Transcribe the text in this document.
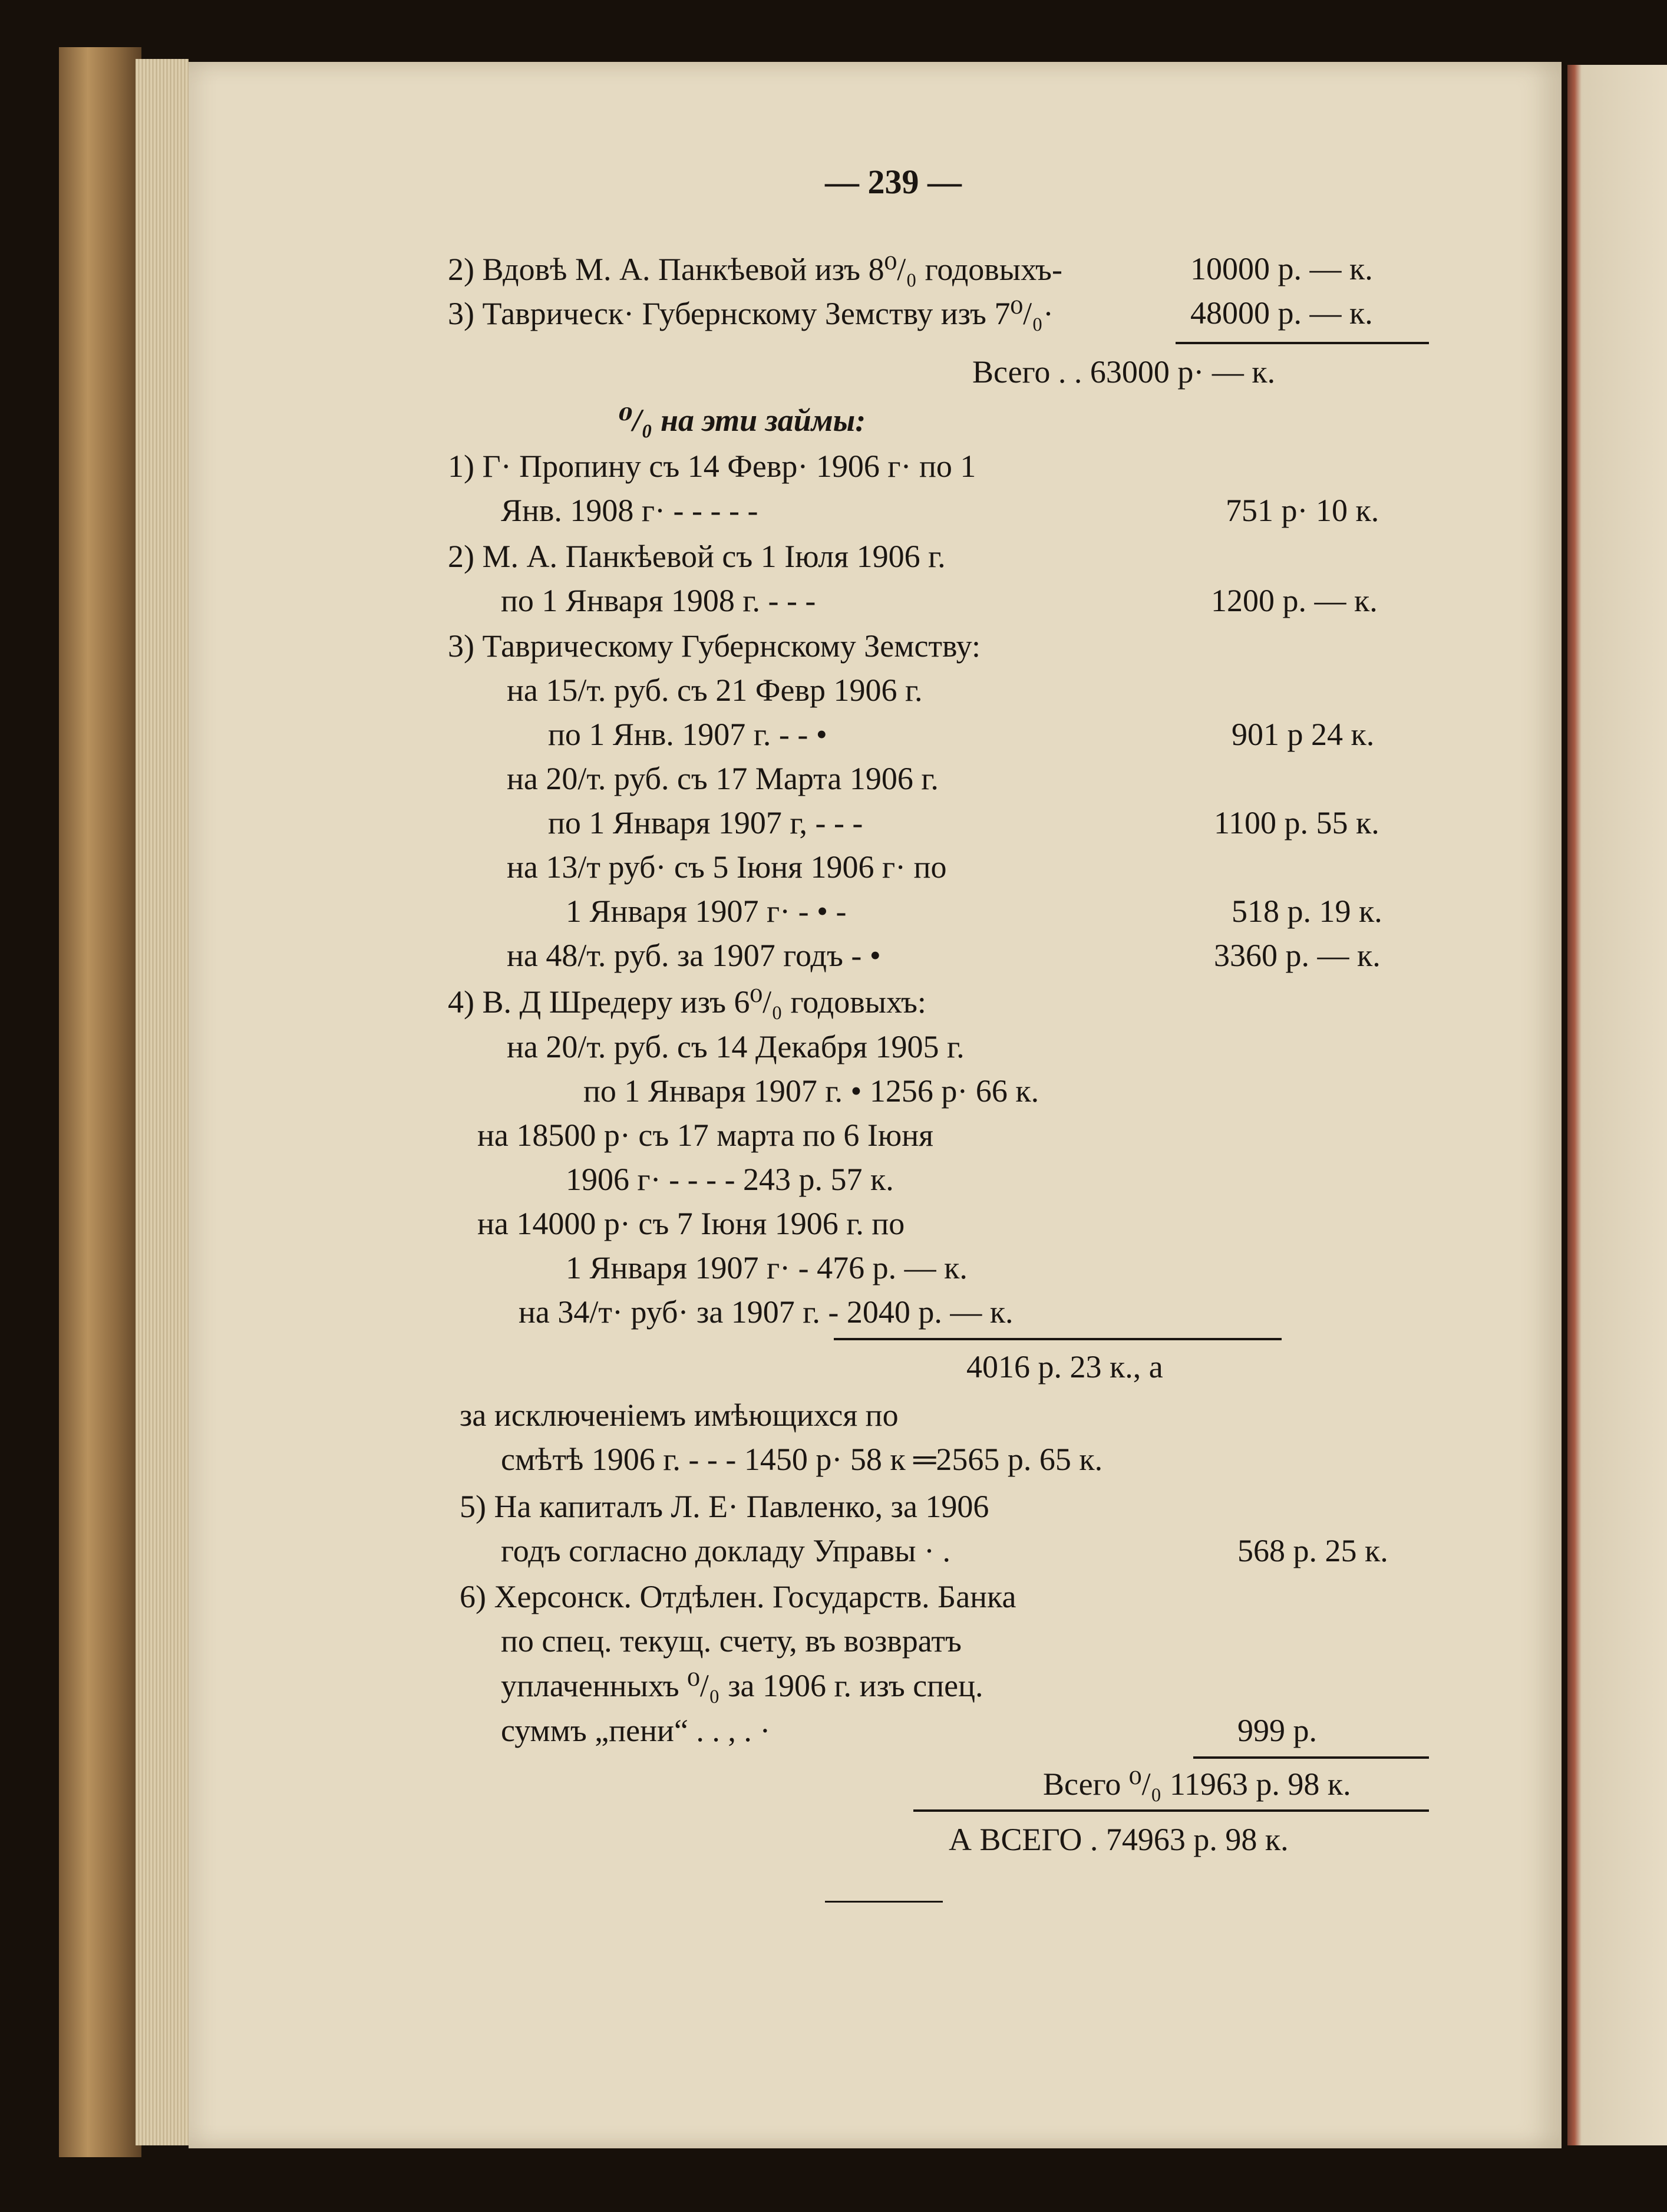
— 239 —
2) Вдовѣ М. А. Панкѣевой изъ 8⁰/₀ годовыхъ-	10000 р. — к.
3) Таврическ· Губернскому Земству изъ 7⁰/₀·	48000 р. — к.
Всего . . 63000 р· — к.
⁰/₀ на эти займы:
1) Г· Пропину съ 14 Февр· 1906 г· по 1
Янв. 1908 г· - - - - -	751 р· 10 к.
2) М. А. Панкѣевой съ 1 Іюля 1906 г.
по 1 Января 1908 г. - - -	1200 р. — к.
3) Таврическому Губернскому Земству:
на 15/т. руб. съ 21 Февр 1906 г.
по 1 Янв. 1907 г. - - •	901 р 24 к.
на 20/т. руб. съ 17 Марта 1906 г.
по 1 Января 1907 г, - - -	1100 р. 55 к.
на 13/т руб· съ 5 Іюня 1906 г· по
1 Января 1907 г· - • -	518 р. 19 к.
на 48/т. руб. за 1907 годъ - •	3360 р. — к.
4) В. Д Шредеру изъ 6⁰/₀ годовыхъ:
на 20/т. руб. съ 14 Декабря 1905 г.
по 1 Января 1907 г. • 1256 р· 66 к.
на 18500 р· съ 17 марта по 6 Іюня
1906 г· - - - - 243 р. 57 к.
на 14000 р· съ 7 Іюня 1906 г. по
1 Января 1907 г· - 476 р. — к.
на 34/т· руб· за 1907 г. - 2040 р. — к.
4016 р. 23 к., а
за исключеніемъ имѣющихся по
смѣтѣ 1906 г. - - - 1450 р· 58 к ═2565 р. 65 к.
5) На капиталъ Л. Е· Павленко, за 1906
годъ согласно докладу Управы · .	568 р. 25 к.
6) Херсонск. Отдѣлен. Государств. Банка
по спец. текущ. счету, въ возвратъ
уплаченныхъ ⁰/₀ за 1906 г. изъ спец.
суммъ „пени“ . . , . ·	999 р.
Всего ⁰/₀ 11963 р. 98 к.
А ВСЕГО . 74963 р. 98 к.
